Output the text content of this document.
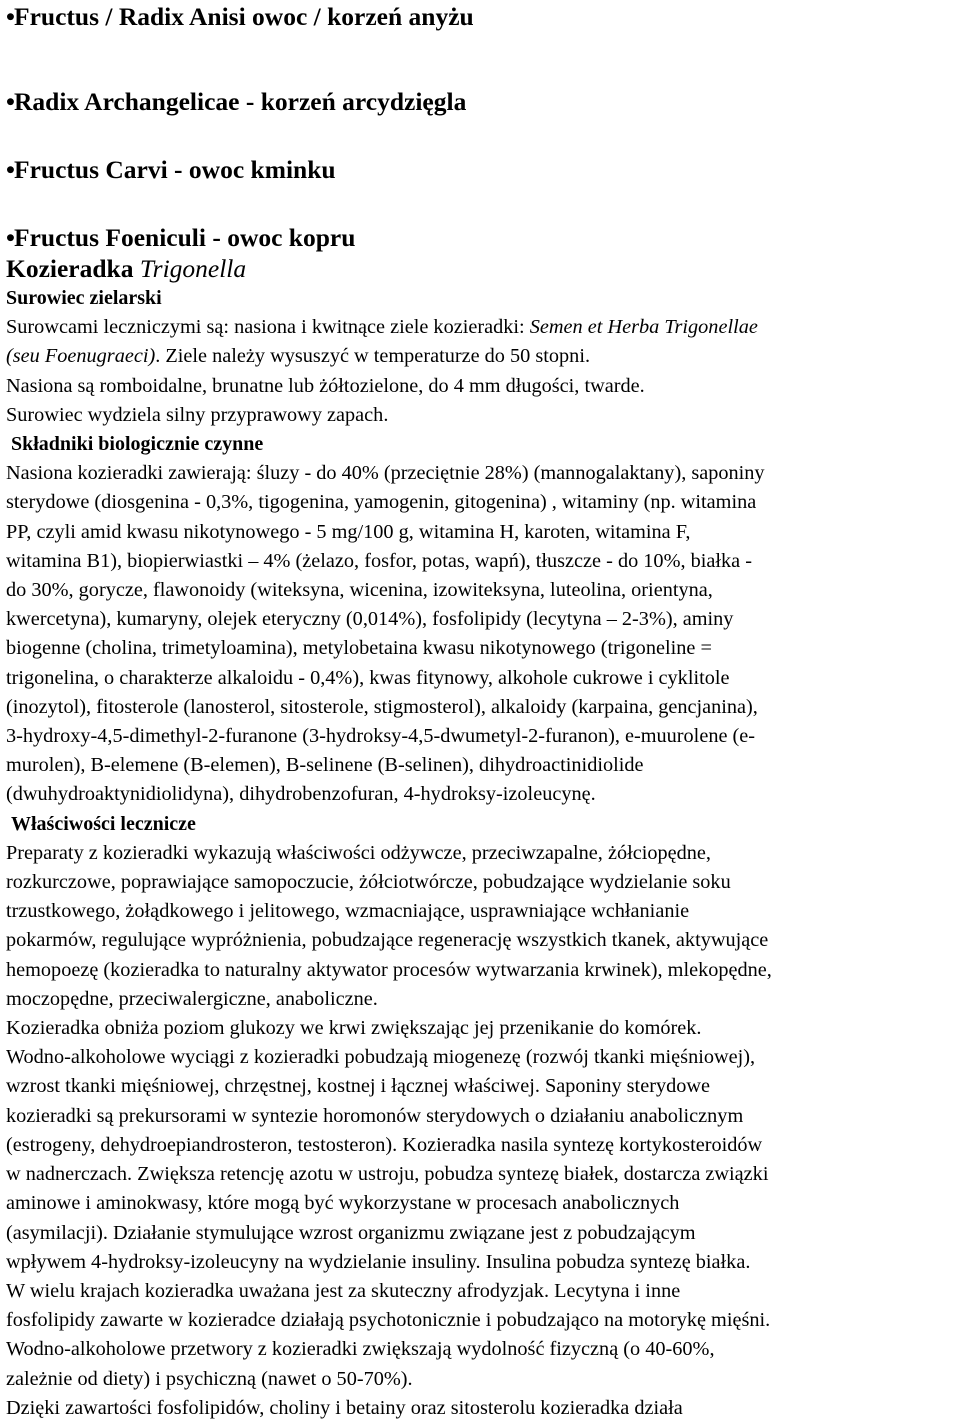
•Fructus / Radix Anisi owoc / korzeń anyżu
•Radix Archangelicae - korzeń arcydzięgla
•Fructus Carvi - owoc kminku
•Fructus Foeniculi - owoc kopru
Kozieradka Trigonella
Surowiec zielarski
Surowcami leczniczymi są: nasiona i kwitnące ziele kozieradki: Semen et Herba Trigonellae
(seu Foenugraeci). Ziele należy wysuszyć w temperaturze do 50 stopni.
Nasiona są romboidalne, brunatne lub żółtozielone, do 4 mm długości, twarde.
Surowiec wydziela silny przyprawowy zapach.
Składniki biologicznie czynne
Nasiona kozieradki zawierają: śluzy - do 40% (przeciętnie 28%) (mannogalaktany), saponiny
sterydowe (diosgenina - 0,3%, tigogenina, yamogenin, gitogenina) , witaminy (np. witamina
PP, czyli amid kwasu nikotynowego - 5 mg/100 g, witamina H, karoten, witamina F,
witamina B1), biopierwiastki – 4% (żelazo, fosfor, potas, wapń), tłuszcze - do 10%, białka -
do 30%, gorycze, flawonoidy (witeksyna, wicenina, izowiteksyna, luteolina, orientyna,
kwercetyna), kumaryny, olejek eteryczny (0,014%), fosfolipidy (lecytyna – 2-3%), aminy
biogenne (cholina, trimetyloamina), metylobetaina kwasu nikotynowego (trigoneline =
trigonelina, o charakterze alkaloidu - 0,4%), kwas fitynowy, alkohole cukrowe i cyklitole
(inozytol), fitosterole (lanosterol, sitosterole, stigmosterol), alkaloidy (karpaina, gencjanina),
3-hydroxy-4,5-dimethyl-2-furanone (3-hydroksy-4,5-dwumetyl-2-furanon), e-muurolene (e-
murolen), B-elemene (B-elemen), B-selinene (B-selinen), dihydroactinidiolide
(dwuhydroaktynidiolidyna), dihydrobenzofuran, 4-hydroksy-izoleucynę.
Właściwości lecznicze
Preparaty z kozieradki wykazują właściwości odżywcze, przeciwzapalne, żółciopędne,
rozkurczowe, poprawiające samopoczucie, żółciotwórcze, pobudzające wydzielanie soku
trzustkowego, żołądkowego i jelitowego, wzmacniające, usprawniające wchłanianie
pokarmów, regulujące wypróżnienia, pobudzające regenerację wszystkich tkanek, aktywujące
hemopoezę (kozieradka to naturalny aktywator procesów wytwarzania krwinek), mlekopędne,
moczopędne, przeciwalergiczne, anaboliczne.
Kozieradka obniża poziom glukozy we krwi zwiększając jej przenikanie do komórek.
Wodno-alkoholowe wyciągi z kozieradki pobudzają miogenezę (rozwój tkanki mięśniowej),
wzrost tkanki mięśniowej, chrzęstnej, kostnej i łącznej właściwej. Saponiny sterydowe
kozieradki są prekursorami w syntezie horomonów sterydowych o działaniu anabolicznym
(estrogeny, dehydroepiandrosteron, testosteron). Kozieradka nasila syntezę kortykosteroidów
w nadnerczach. Zwiększa retencję azotu w ustroju, pobudza syntezę białek, dostarcza związki
aminowe i aminokwasy, które mogą być wykorzystane w procesach anabolicznych
(asymilacji). Działanie stymulujące wzrost organizmu związane jest z pobudzającym
wpływem 4-hydroksy-izoleucyny na wydzielanie insuliny. Insulina pobudza syntezę białka.
W wielu krajach kozieradka uważana jest za skuteczny afrodyzjak. Lecytyna i inne
fosfolipidy zawarte w kozieradce działają psychotonicznie i pobudzająco na motorykę mięśni.
Wodno-alkoholowe przetwory z kozieradki zwiększają wydolność fizyczną (o 40-60%,
zależnie od diety) i psychiczną (nawet o 50-70%).
Dzięki zawartości fosfolipidów, choliny i betainy oraz sitosterolu kozieradka działa
